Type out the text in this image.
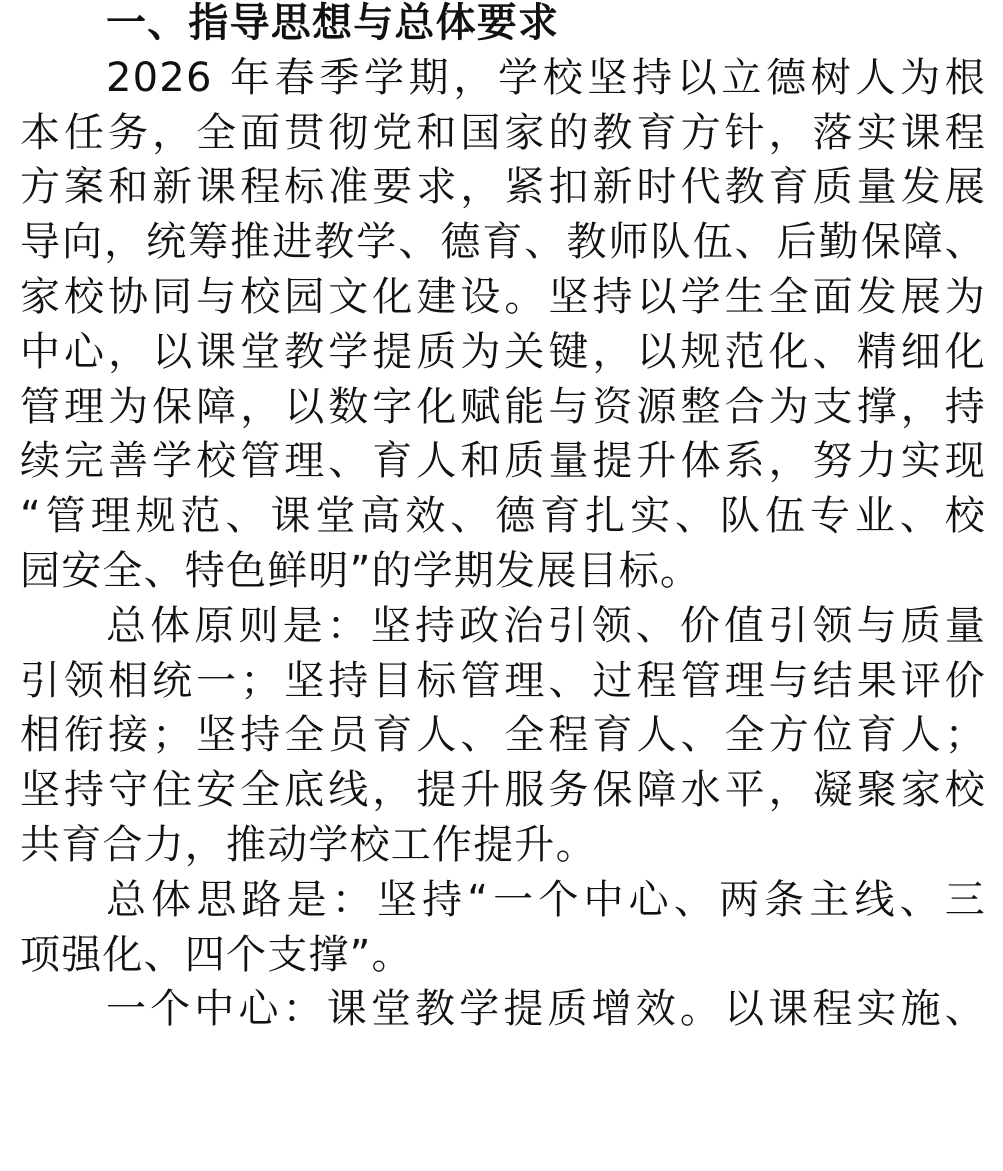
一、指导思想与总体要求
2026 年春季学期，学校坚持以立德树人为根
本任务，全面贯彻党和国家的教育方针，落实课程
方案和新课程标准要求，紧扣新时代教育质量发展
导向，统筹推进教学、德育、教师队伍、后勤保障、
家校协同与校园文化建设。坚持以学生全面发展为
中心，以课堂教学提质为关键，以规范化、精细化
管理为保障，以数字化赋能与资源整合为支撑，持
续完善学校管理、育人和质量提升体系，努力实现
“管理规范、课堂高效、德育扎实、队伍专业、校
园安全、特色鲜明”的学期发展目标。
总体原则是：坚持政治引领、价值引领与质量
引领相统一；坚持目标管理、过程管理与结果评价
相衔接；坚持全员育人、全程育人、全方位育人；
坚持守住安全底线，提升服务保障水平，凝聚家校
共育合力，推动学校工作提升。
总体思路是：坚持“一个中心、两条主线、三
项强化、四个支撑”。
一个中心：课堂教学提质增效。以课程实施、
